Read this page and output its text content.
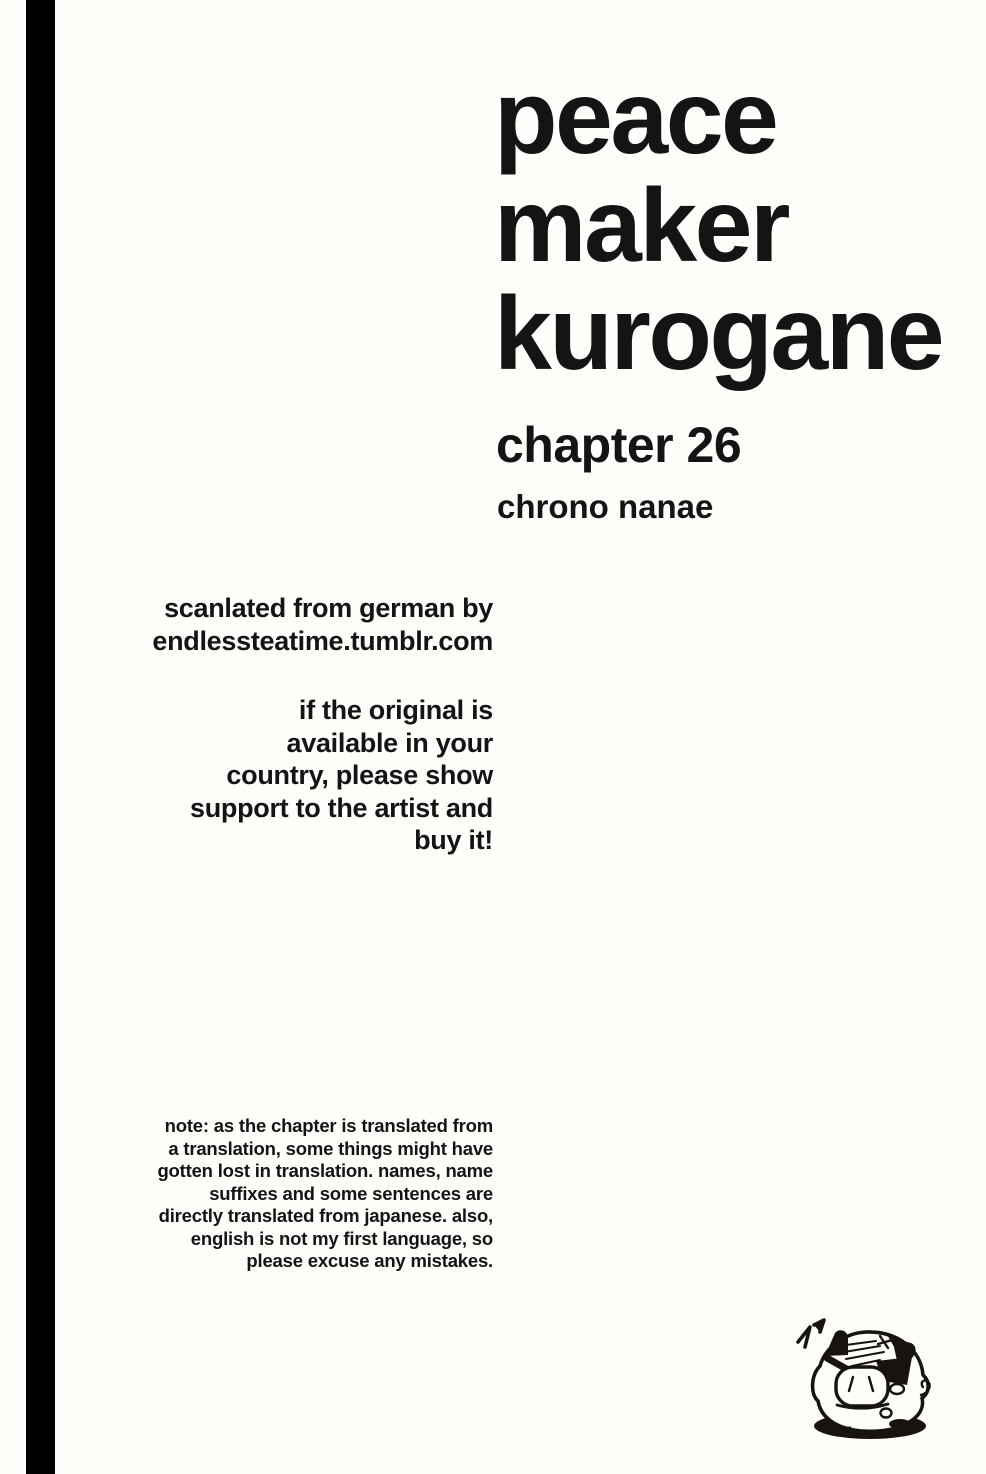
peace
maker
kurogane
chapter 26
chrono nanae
scanlated from german by
endlessteatime.tumblr.com
if the original is
available in your
country, please show
support to the artist and
buy it!
note: as the chapter is translated from
a translation, some things might have
gotten lost in translation. names, name
suffixes and some sentences are
directly translated from japanese. also,
english is not my first language, so
please excuse any mistakes.
